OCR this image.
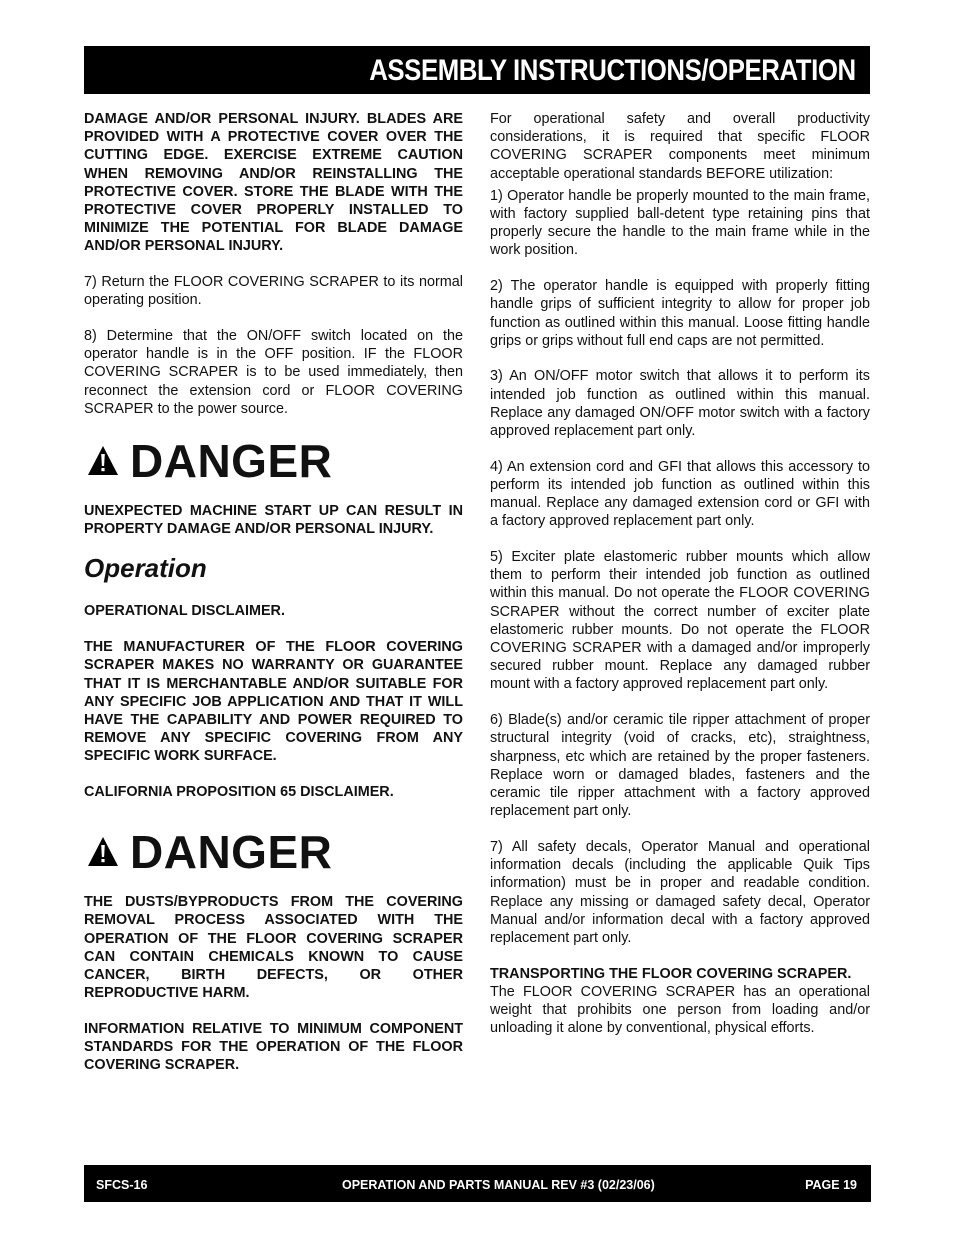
ASSEMBLY INSTRUCTIONS/OPERATION

DAMAGE AND/OR PERSONAL INJURY. BLADES ARE PROVIDED WITH A PROTECTIVE COVER OVER THE CUTTING EDGE. EXERCISE EXTREME CAUTION WHEN REMOVING AND/OR REINSTALLING THE PROTECTIVE COVER. STORE THE BLADE WITH THE PROTECTIVE COVER PROPERLY INSTALLED TO MINIMIZE THE POTENTIAL FOR BLADE DAMAGE AND/OR PERSONAL INJURY.

7) Return the FLOOR COVERING SCRAPER to its normal operating position.

8) Determine that the ON/OFF switch located on the operator handle is in the OFF position. IF the FLOOR COVERING SCRAPER is to be used immediately, then reconnect the extension cord or FLOOR COVERING SCRAPER to the power source.

DANGER

UNEXPECTED MACHINE START UP CAN RESULT IN PROPERTY DAMAGE AND/OR PERSONAL INJURY.

Operation

OPERATIONAL DISCLAIMER.

THE MANUFACTURER OF THE FLOOR COVERING SCRAPER MAKES NO WARRANTY OR GUARANTEE THAT IT IS MERCHANTABLE AND/OR SUITABLE FOR ANY SPECIFIC JOB APPLICATION AND THAT IT WILL HAVE THE CAPABILITY AND POWER REQUIRED TO REMOVE ANY SPECIFIC COVERING FROM ANY SPECIFIC WORK SURFACE.

CALIFORNIA PROPOSITION 65 DISCLAIMER.

DANGER

THE DUSTS/BYPRODUCTS FROM THE COVERING REMOVAL PROCESS ASSOCIATED WITH THE OPERATION OF THE FLOOR COVERING SCRAPER CAN CONTAIN CHEMICALS KNOWN TO CAUSE CANCER, BIRTH DEFECTS, OR OTHER REPRODUCTIVE HARM.

INFORMATION RELATIVE TO MINIMUM COMPONENT STANDARDS FOR THE OPERATION OF THE FLOOR COVERING SCRAPER.

For operational safety and overall productivity considerations, it is required that specific FLOOR COVERING SCRAPER components meet minimum acceptable operational standards BEFORE utilization:

1) Operator handle be properly mounted to the main frame, with factory supplied ball-detent type retaining pins that properly secure the handle to the main frame while in the work position.

2) The operator handle is equipped with properly fitting handle grips of sufficient integrity to allow for proper job function as outlined within this manual. Loose fitting handle grips or grips without full end caps are not permitted.

3) An ON/OFF motor switch that allows it to perform its intended job function as outlined within this manual. Replace any damaged ON/OFF motor switch with a factory approved replacement part only.

4) An extension cord and GFI that allows this accessory to perform its intended job function as outlined within this manual. Replace any damaged extension cord or GFI with a factory approved replacement part only.

5) Exciter plate elastomeric rubber mounts which allow them to perform their intended job function as outlined within this manual. Do not operate the FLOOR COVERING SCRAPER without the correct number of exciter plate elastomeric rubber mounts. Do not operate the FLOOR COVERING SCRAPER with a damaged and/or improperly secured rubber mount. Replace any damaged rubber mount with a factory approved replacement part only.

6) Blade(s) and/or ceramic tile ripper attachment of proper structural integrity (void of cracks, etc), straightness, sharpness, etc which are retained by the proper fasteners. Replace worn or damaged blades, fasteners and the ceramic tile ripper attachment with a factory approved replacement part only.

7) All safety decals, Operator Manual and operational information decals (including the applicable Quik Tips information) must be in proper and readable condition. Replace any missing or damaged safety decal, Operator Manual and/or information decal with a factory approved replacement part only.

TRANSPORTING THE FLOOR COVERING SCRAPER.

The FLOOR COVERING SCRAPER has an operational weight that prohibits one person from loading and/or unloading it alone by conventional, physical efforts.

SFCS-16	OPERATION AND PARTS MANUAL REV #3 (02/23/06)	PAGE 19
